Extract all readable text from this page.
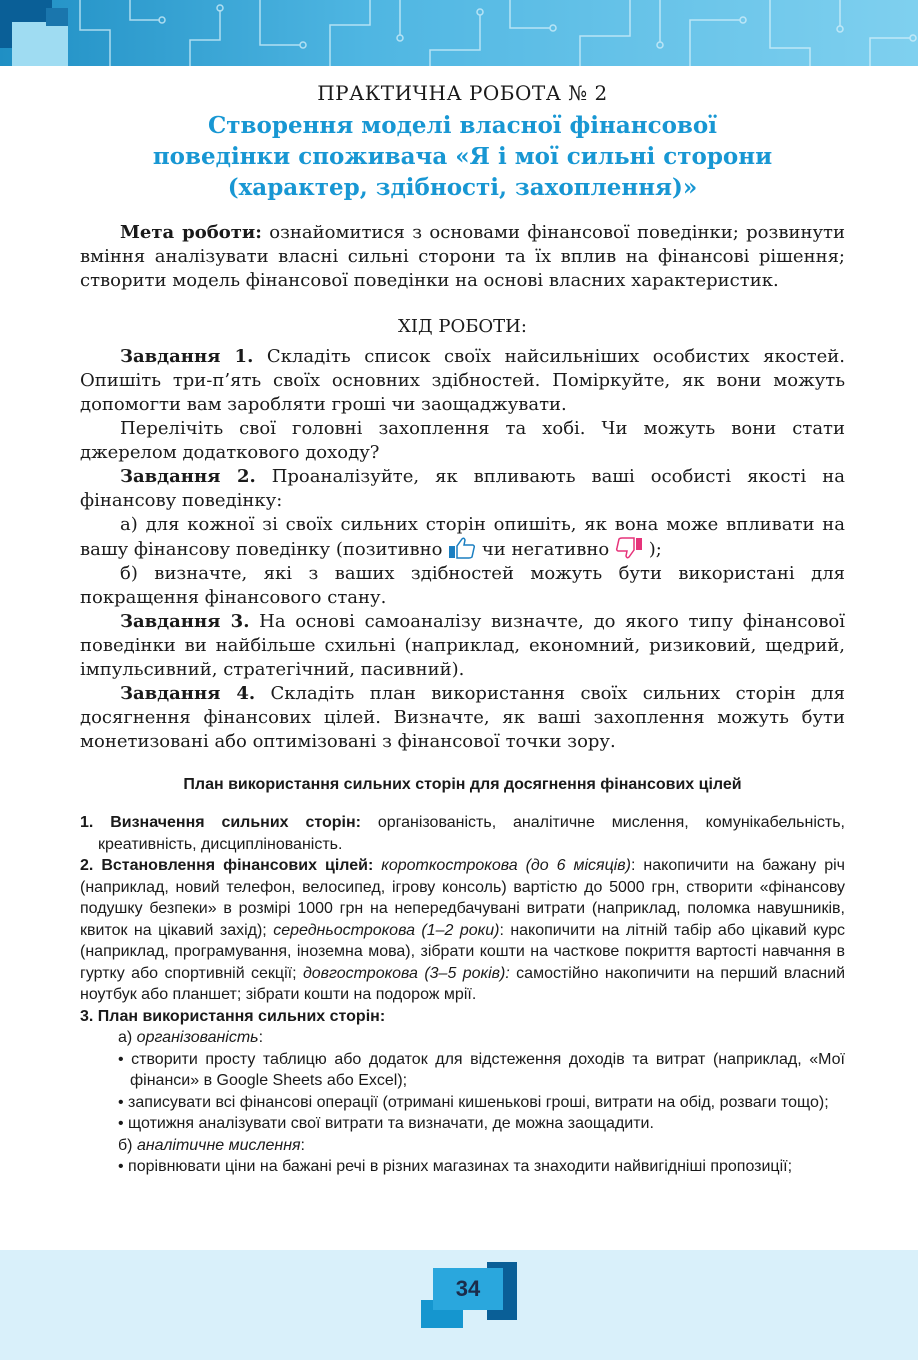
ПРАКТИЧНА РОБОТА № 2
Створення моделі власної фінансової
поведінки споживача «Я і мої сильні сторони
(характер, здібності, захоплення)»

Мета роботи: ознайомитися з основами фінансової поведінки; розвинути вміння аналізувати власні сильні сторони та їх вплив на фінансові рішення; створити модель фінансової поведінки на основі власних характеристик.

ХІД РОБОТИ:

Завдання 1. Складіть список своїх найсильніших особистих якостей. Опишіть три-п’ять своїх основних здібностей. Поміркуйте, як вони можуть допомогти вам заробляти гроші чи заощаджувати.

Перелічіть свої головні захоплення та хобі. Чи можуть вони стати джерелом додаткового доходу?

Завдання 2. Проаналізуйте, як впливають ваші особисті якості на фінансову поведінку:

а) для кожної зі своїх сильних сторін опишіть, як вона може впливати на вашу фінансову поведінку (позитивно  чи негативно  );

б) визначте, які з ваших здібностей можуть бути використані для покращення фінансового стану.

Завдання 3. На основі самоаналізу визначте, до якого типу фінансової поведінки ви найбільше схильні (наприклад, економний, ризиковий, щедрий, імпульсивний, стратегічний, пасивний).

Завдання 4. Складіть план використання своїх сильних сторін для досягнення фінансових цілей. Визначте, як ваші захоплення можуть бути монетизовані або оптимізовані з фінансової точки зору.

План використання сильних сторін для досягнення фінансових цілей

1. Визначення сильних сторін: організованість, аналітичне мислення, комунікабельність, креативність, дисциплінованість.

2. Встановлення фінансових цілей: короткострокова (до 6 місяців): накопичити на бажану річ (наприклад, новий телефон, велосипед, ігрову консоль) вартістю до 5000 грн, створити «фінансову подушку безпеки» в розмірі 1000 грн на непередбачувані витрати (наприклад, поломка навушників, квиток на цікавий захід); середньострокова (1–2 роки): накопичити на літній табір або цікавий курс (наприклад, програмування, іноземна мова), зібрати кошти на часткове покриття вартості навчання в гуртку або спортивній секції; довгострокова (3–5 років): самостійно накопичити на перший власний ноутбук або планшет; зібрати кошти на подорож мрії.

3. План використання сильних сторін:

а) організованість:

• створити просту таблицю або додаток для відстеження доходів та витрат (наприклад, «Мої фінанси» в Google Sheets або Excel);

• записувати всі фінансові операції (отримані кишенькові гроші, витрати на обід, розваги тощо);

• щотижня аналізувати свої витрати та визначати, де можна заощадити.

б) аналітичне мислення:

• порівнювати ціни на бажані речі в різних магазинах та знаходити найвигідніші пропозиції;

34
